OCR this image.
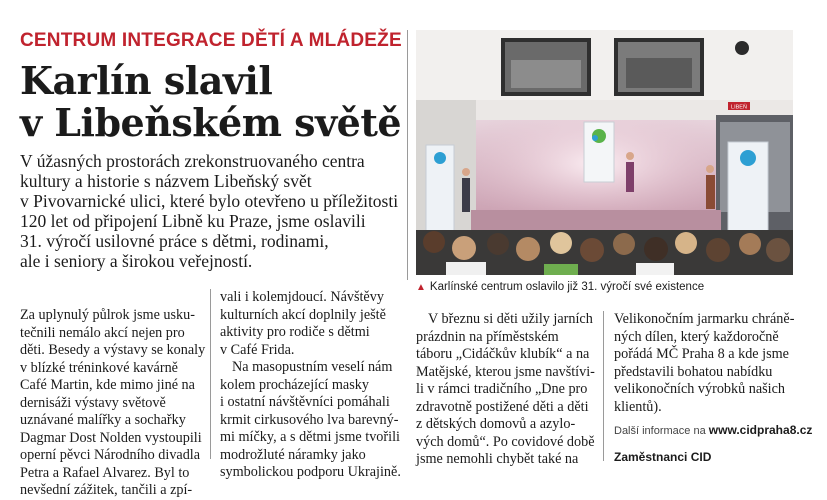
CENTRUM INTEGRACE DĚTÍ A MLÁDEŽE
Karlín slavil
v Libeňském světě
V úžasných prostorách zrekonstruovaného centra
kultury a historie s názvem Libeňský svět
v Pivovarnické ulici, které bylo otevřeno u příležitosti
120 let od připojení Libně ku Praze, jsme oslavili
31. výročí usilovné práce s dětmi, rodinami,
ale i seniory a širokou veřejností.
LIBEŇ
▲ Karlínské centrum oslavilo již 31. výročí své existence
Za uplynulý půlrok jsme usku-
tečnili nemálo akcí nejen pro
děti. Besedy a výstavy se konaly
v blízké tréninkové kavárně
Café Martin, kde mimo jiné na
dernisáži výstavy světově
uznávané malířky a sochařky
Dagmar Dost Nolden vystoupili
operní pěvci Národního divadla
Petra a Rafael Alvarez. Byl to
nevšední zážitek, tančili a zpí-
vali i kolemjdoucí. Návštěvy
kulturních akcí doplnily ještě
aktivity pro rodiče s dětmi
v Café Frida.
Na masopustním veselí nám
kolem procházející masky
i ostatní návštěvníci pomáhali
krmit cirkusového lva barevný-
mi míčky, a s dětmi jsme tvořili
modrožluté náramky jako
symbolickou podporu Ukrajině.
V březnu si děti užily jarních
prázdnin na příměstském
táboru „Cidáčkův klubík“ a na
Matějské, kterou jsme navštívi-
li v rámci tradičního „Dne pro
zdravotně postižené děti a děti
z dětských domovů a azylo-
vých domů“. Po covidové době
jsme nemohli chybět také na
Velikonočním jarmarku chráně-
ných dílen, který každoročně
pořádá MČ Praha 8 a kde jsme
představili bohatou nabídku
velikonočních výrobků našich
klientů).
Další informace na www.cidpraha8.cz
Zaměstnanci CID
